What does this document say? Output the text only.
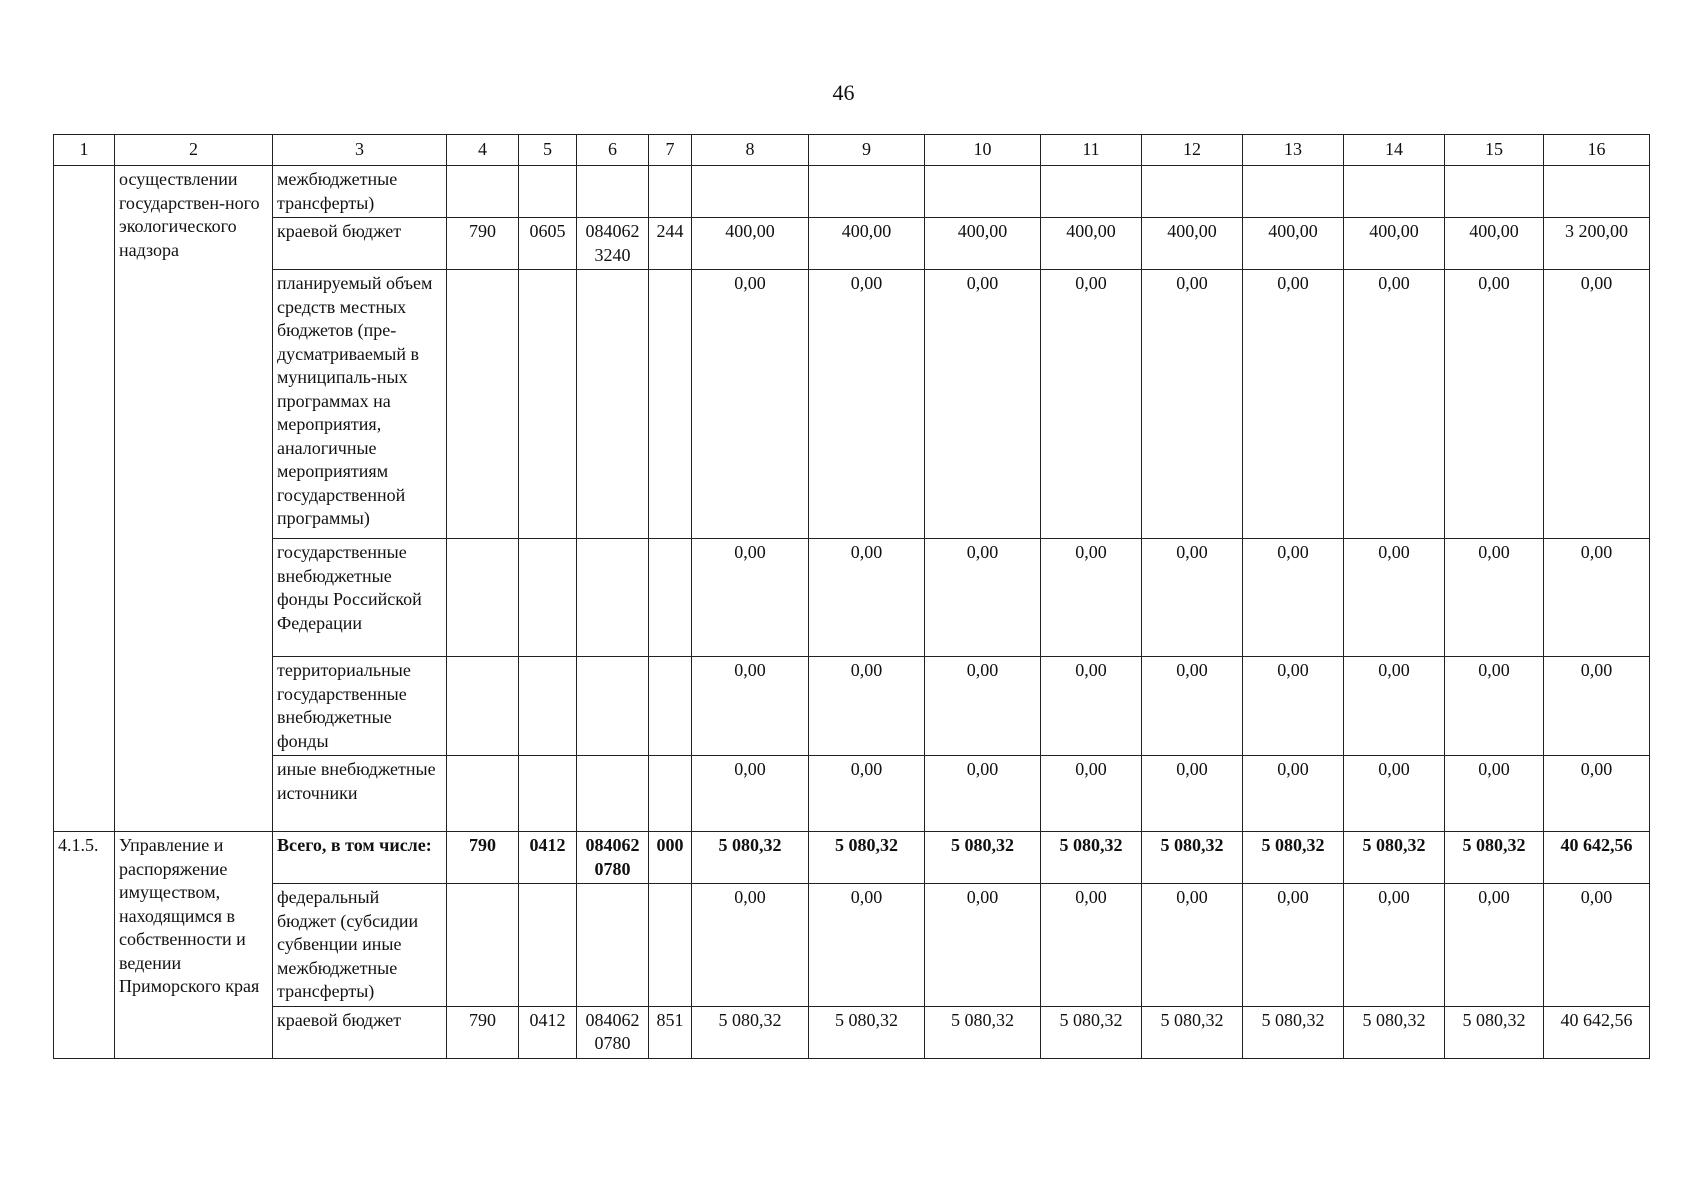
46
1	2	3	4	5	6	7	8	9	10	11	12	13	14	15	16
	осуществлении государствен-ного экологического надзора	межбюджетные трансферты)													
		краевой бюджет	790	0605	084062 3240	244	400,00	400,00	400,00	400,00	400,00	400,00	400,00	400,00	3 200,00
		планируемый объем средств местных бюджетов (пре-дусматриваемый в муниципаль-ных программах на мероприятия, аналогичные мероприятиям государственной программы)					0,00	0,00	0,00	0,00	0,00	0,00	0,00	0,00	0,00
		государственные внебюджетные фонды Российской Федерации					0,00	0,00	0,00	0,00	0,00	0,00	0,00	0,00	0,00
		территориальные государственные внебюджетные фонды					0,00	0,00	0,00	0,00	0,00	0,00	0,00	0,00	0,00
		иные внебюджетные источники					0,00	0,00	0,00	0,00	0,00	0,00	0,00	0,00	0,00
4.1.5.	Управление и распоряжение имуществом, находящимся в собственности и ведении Приморского края	Всего, в том числе:	790	0412	084062 0780	000	5 080,32	5 080,32	5 080,32	5 080,32	5 080,32	5 080,32	5 080,32	5 080,32	40 642,56
		федеральный бюджет (субсидии субвенции иные межбюджетные трансферты)					0,00	0,00	0,00	0,00	0,00	0,00	0,00	0,00	0,00
		краевой бюджет	790	0412	084062 0780	851	5 080,32	5 080,32	5 080,32	5 080,32	5 080,32	5 080,32	5 080,32	5 080,32	40 642,56
